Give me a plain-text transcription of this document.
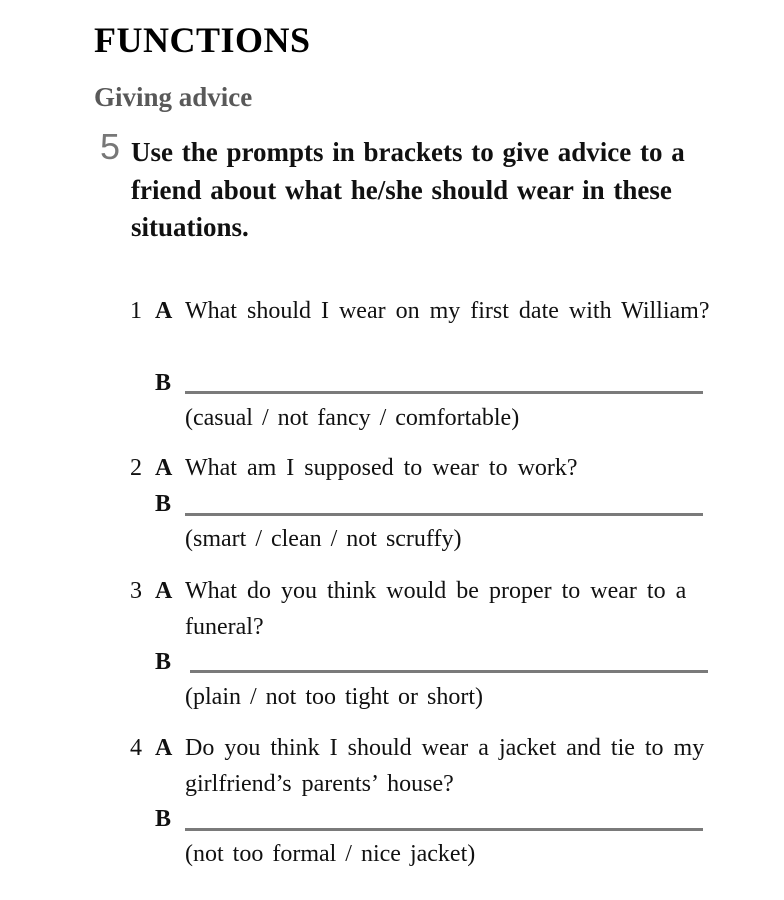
FUNCTIONS
Giving advice
5 Use the prompts in brackets to give advice to a friend about what he/she should wear in these situations.

1 A What should I wear on my first date with William?
B
(casual / not fancy / comfortable)
2 A What am I supposed to wear to work?
B
(smart / clean / not scruffy)
3 A What do you think would be proper to wear to a funeral?
B
(plain / not too tight or short)
4 A Do you think I should wear a jacket and tie to my girlfriend’s parents’ house?
B
(not too formal / nice jacket)
